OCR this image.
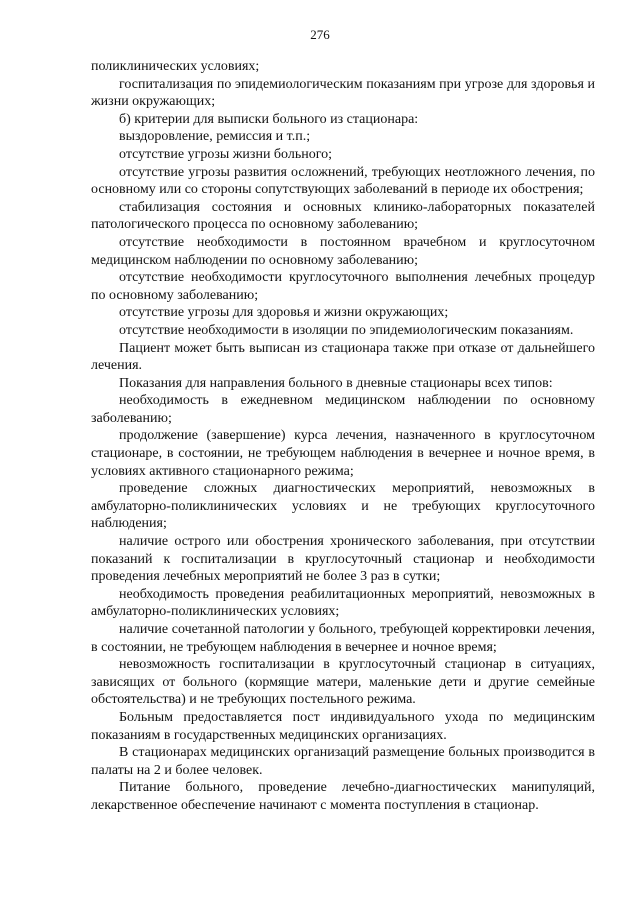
276

поликлинических условиях;

госпитализация по эпидемиологическим показаниям при угрозе для здоровья и жизни окружающих;

б) критерии для выписки больного из стационара:

выздоровление, ремиссия и т.п.;

отсутствие угрозы жизни больного;

отсутствие угрозы развития осложнений, требующих неотложного лечения, по основному или со стороны сопутствующих заболеваний в периоде их обострения;

стабилизация состояния и основных клинико-лабораторных показателей патологического процесса по основному заболеванию;

отсутствие необходимости в постоянном врачебном и круглосуточном медицинском наблюдении по основному заболеванию;

отсутствие необходимости круглосуточного выполнения лечебных процедур по основному заболеванию;

отсутствие угрозы для здоровья и жизни окружающих;

отсутствие необходимости в изоляции по эпидемиологическим показаниям.

Пациент может быть выписан из стационара также при отказе от дальнейшего лечения.

Показания для направления больного в дневные стационары всех типов:

необходимость в ежедневном медицинском наблюдении по основному заболеванию;

продолжение (завершение) курса лечения, назначенного в круглосуточном стационаре, в состоянии, не требующем наблюдения в вечернее и ночное время, в условиях активного стационарного режима;

проведение сложных диагностических мероприятий, невозможных в амбулаторно-поликлинических условиях и не требующих круглосуточного наблюдения;

наличие острого или обострения хронического заболевания, при отсутствии показаний к госпитализации в круглосуточный стационар и необходимости проведения лечебных мероприятий не более 3 раз в сутки;

необходимость проведения реабилитационных мероприятий, невозможных в амбулаторно-поликлинических условиях;

наличие сочетанной патологии у больного, требующей корректировки лечения, в состоянии, не требующем наблюдения в вечернее и ночное время;

невозможность госпитализации в круглосуточный стационар в ситуациях, зависящих от больного (кормящие матери, маленькие дети и другие семейные обстоятельства) и не требующих постельного режима.

Больным предоставляется пост индивидуального ухода по медицинским показаниям в государственных медицинских организациях.

В стационарах медицинских организаций размещение больных производится в палаты на 2 и более человек.

Питание больного, проведение лечебно-диагностических манипуляций, лекарственное обеспечение начинают с момента поступления в стационар.
